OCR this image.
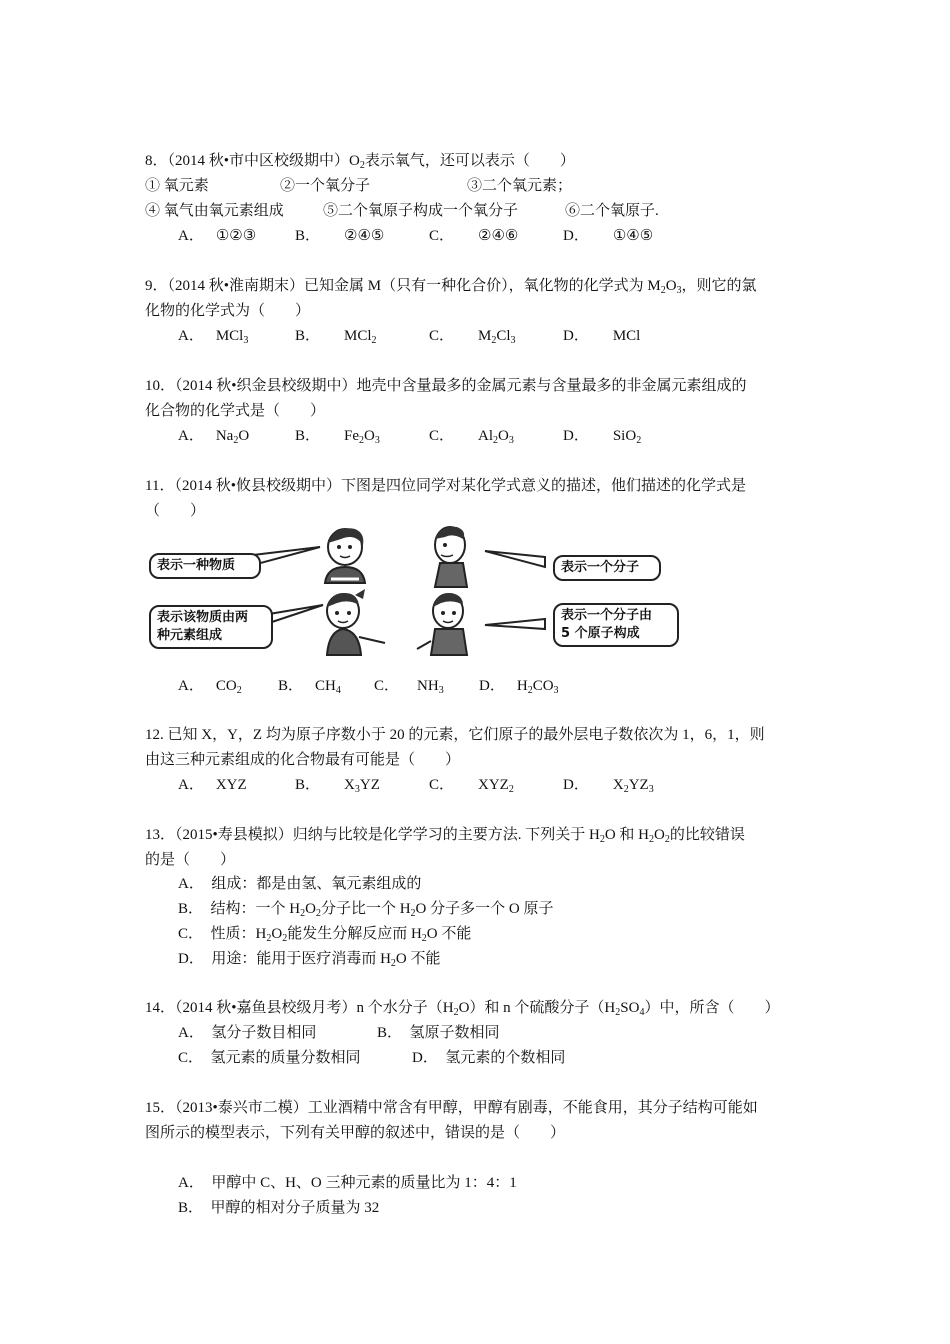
8．（2014 秋•市中区校级期中）$O_2$表示氧气，还可以表示（　　）
① 氧元素	②一个氧分子	③二个氧元素；
④ 氧气由氧元素组成	⑤二个氧原子构成一个氧分子	⑥二个氧原子.
A． ①②③	B． ②④⑤	C． ②④⑥	D． ①④⑤
9．（2014 秋•淮南期末）已知金属 M（只有一种化合价），氧化物的化学式为 $M_2O_3$，则它的氯
化物的化学式为（　　）
A． MCl$_3$	B． MCl$_2$	C． $M_2Cl_3$	D． MCl
10．（2014 秋•织金县校级期中）地壳中含量最多的金属元素与含量最多的非金属元素组成的
化合物的化学式是（　　）
A． $Na_2O$	B． $Fe_2O_3$	C． $Al_2O_3$	D． SiO$_2$
11．（2014 秋•攸县校级期中）下图是四位同学对某化学式意义的描述，他们描述的化学式是
（　　）
表示一种物质	表示一个分子
表示该物质由两
种元素组成
表示一个分子由
5 个原子构成
A． $CO_2$ B． $CH_4$ C． $NH_3$ D． $H_2CO_3$
12. 已知 X，Y，Z 均为原子序数小于 20 的元素，它们原子的最外层电子数依次为 1，6，1，则
由这三种元素组成的化合物最有可能是（　　）
A． XYZ	B． $X_3YZ$	C． $XYZ_2$	D． $X_2YZ_3$
13．（2015•寿县模拟）归纳与比较是化学学习的主要方法. 下列关于 $H_2O$ 和 $H_2O_2$的比较错误
的是（　　）
A．　组成：都是由氢、氧元素组成的
B．　结构：一个 $H_2O_2$分子比一个 $H_2O$ 分子多一个 O 原子
C．　性质：$H_2O_2$能发生分解反应而 $H_2O$ 不能
D．　用途：能用于医疗消毒而 $H_2O$ 不能
14．（2014 秋•嘉鱼县校级月考）n 个水分子$(H_2O)$和 n 个硫酸分子$(H_2SO_4)$中，所含（　　）
A．　氢分子数目相同	B．　氢原子数相同
C．　氢元素的质量分数相同	D．　氢元素的个数相同
15．（2013•泰兴市二模）工业酒精中常含有甲醇，甲醇有剧毒，不能食用，其分子结构可能如
图所示的模型表示，下列有关甲醇的叙述中，错误的是（　　）
A．　甲醇中 C、H、O 三种元素的质量比为 1：4：1
B．　甲醇的相对分子质量为 32
